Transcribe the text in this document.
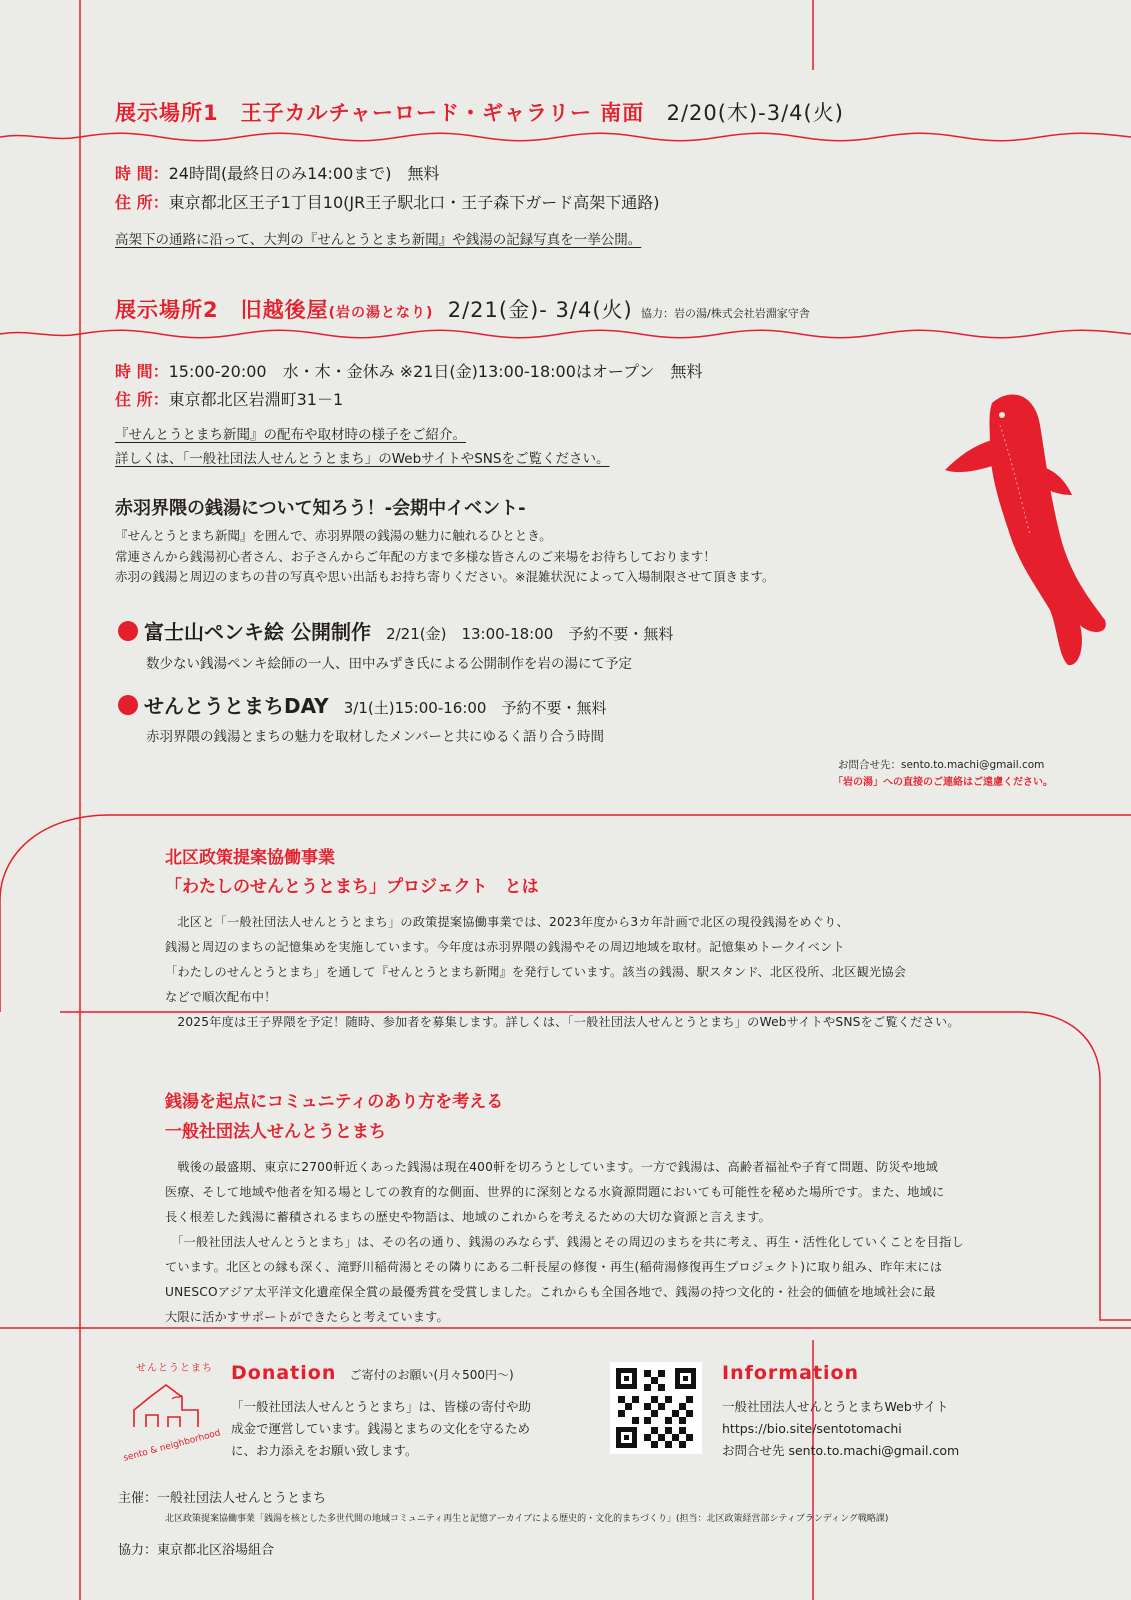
展示場所1　王子カルチャーロード・ギャラリー 南面 2/20(木)-3/4(火)
時 間：24時間(最終日のみ14:00まで)　無料
住 所：東京都北区王子1丁目10(JR王子駅北口・王子森下ガード高架下通路)
高架下の通路に沿って、大判の『せんとうとまち新聞』や銭湯の記録写真を一挙公開。
展示場所2　旧越後屋(岩の湯となり) 2/21(金)- 3/4(火) 協力：岩の湯/株式会社岩淵家守舎
時 間：15:00-20:00　水・木・金休み ※21日(金)13:00-18:00はオープン　無料
住 所：東京都北区岩淵町31－1
『せんとうとまち新聞』の配布や取材時の様子をご紹介。
詳しくは、「一般社団法人せんとうとまち」のWebサイトやSNSをご覧ください。
赤羽界隈の銭湯について知ろう！-会期中イベント-
『せんとうとまち新聞』を囲んで、赤羽界隈の銭湯の魅力に触れるひととき。
常連さんから銭湯初心者さん、お子さんからご年配の方まで多様な皆さんのご来場をお待ちしております！
赤羽の銭湯と周辺のまちの昔の写真や思い出話もお持ち寄りください。※混雑状況によって入場制限させて頂きます。
富士山ペンキ絵 公開制作 2/21(金)　13:00-18:00　予約不要・無料
数少ない銭湯ペンキ絵師の一人、田中みずき氏による公開制作を岩の湯にて予定
せんとうとまちDAY 3/1(土)15:00-16:00　予約不要・無料
赤羽界隈の銭湯とまちの魅力を取材したメンバーと共にゆるく語り合う時間
お問合せ先：sento.to.machi@gmail.com
「岩の湯」への直接のご連絡はご遠慮ください。
北区政策提案協働事業
「わたしのせんとうとまち」プロジェクト　とは
　北区と「一般社団法人せんとうとまち」の政策提案協働事業では、2023年度から3カ年計画で北区の現役銭湯をめぐり、
銭湯と周辺のまちの記憶集めを実施しています。今年度は赤羽界隈の銭湯やその周辺地域を取材。記憶集めトークイベント
「わたしのせんとうとまち」を通して『せんとうとまち新聞』を発行しています。該当の銭湯、駅スタンド、北区役所、北区観光協会
などで順次配布中！
　2025年度は王子界隈を予定！随時、参加者を募集します。詳しくは、「一般社団法人せんとうとまち」のWebサイトやSNSをご覧ください。
銭湯を起点にコミュニティのあり方を考える
一般社団法人せんとうとまち
　戦後の最盛期、東京に2700軒近くあった銭湯は現在400軒を切ろうとしています。一方で銭湯は、高齢者福祉や子育て問題、防災や地域
医療、そして地域や他者を知る場としての教育的な側面、世界的に深刻となる水資源問題においても可能性を秘めた場所です。また、地域に
長く根差した銭湯に蓄積されるまちの歴史や物語は、地域のこれからを考えるための大切な資源と言えます。
　「一般社団法人せんとうとまち」は、その名の通り、銭湯のみならず、銭湯とその周辺のまちを共に考え、再生・活性化していくことを目指し
ています。北区との縁も深く、滝野川稲荷湯とその隣りにある二軒長屋の修復・再生(稲荷湯修復再生プロジェクト)に取り組み、昨年末には
UNESCOアジア太平洋文化遺産保全賞の最優秀賞を受賞しました。これからも全国各地で、銭湯の持つ文化的・社会的価値を地域社会に最
大限に活かすサポートができたらと考えています。
せんとうとまち
sento & neighborhood
Donation ご寄付のお願い(月々500円～)
「一般社団法人せんとうとまち」は、皆様の寄付や助
成金で運営しています。銭湯とまちの文化を守るため
に、お力添えをお願い致します。
Information
一般社団法人せんとうとまちWebサイト
https://bio.site/sentotomachi
お問合せ先 sento.to.machi@gmail.com
主催：一般社団法人せんとうとまち
北区政策提案協働事業「銭湯を核とした多世代間の地域コミュニティ再生と記憶アーカイブによる歴史的・文化的まちづくり」(担当：北区政策経営部シティブランディング戦略課)
協力：東京都北区浴場組合
